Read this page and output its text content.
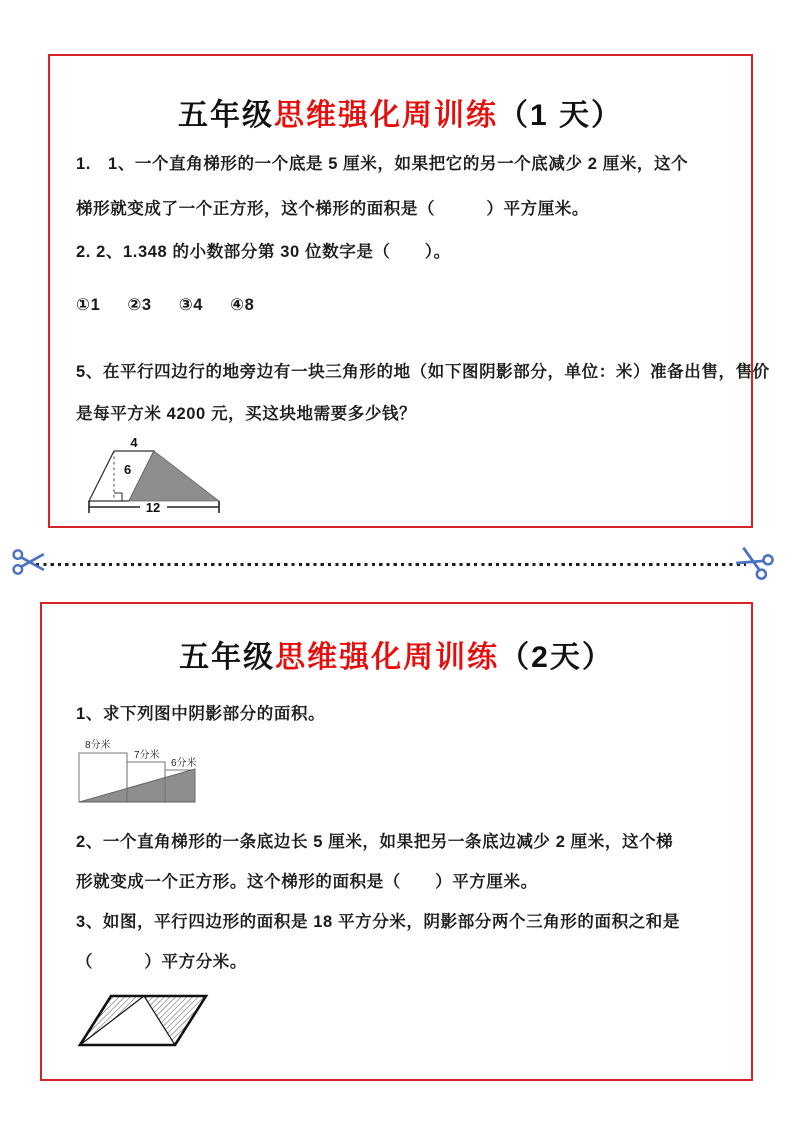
五年级思维强化周训练（1 天）
1.　1、一个直角梯形的一个底是 5 厘米，如果把它的另一个底减少 2 厘米，这个
梯形就变成了一个正方形，这个梯形的面积是（　　　）平方厘米。
2. 2、1.348 的小数部分第 30 位数字是（　　）。
①1 ②3 ③4 ④8
5、在平行四边行的地旁边有一块三角形的地（如下图阴影部分，单位：米）准备出售，售价
是每平方米 4200 元，买这块地需要多少钱？
4
6
12
五年级思维强化周训练（2天）
1、求下列图中阴影部分的面积。
8分米
7分米
6分米
2、一个直角梯形的一条底边长 5 厘米，如果把另一条底边减少 2 厘米，这个梯
形就变成一个正方形。这个梯形的面积是（　　）平方厘米。
3、如图，平行四边形的面积是 18 平方分米，阴影部分两个三角形的面积之和是
（　　　）平方分米。
